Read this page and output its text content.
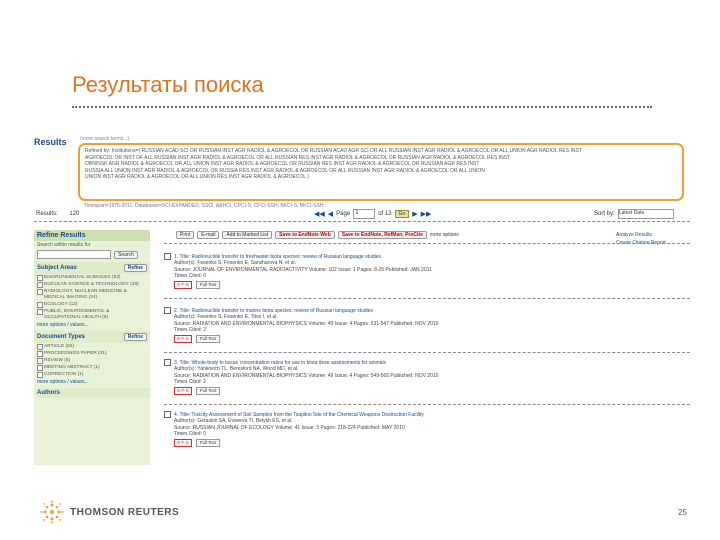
Результаты поиска
Results	(more search terms...)
Refined by: Institutions=( RUSSIAN ACAD SCI OR RUSSIAN INST AGR RADIOL & AGROECOL OR RUSSIAN ACAD AGR SCI OR ALL RUSSIAN INST AGR RADIOL & AGROECOL OR ALL UNION AGR RADIOL RES INST
AGROECOL OR INST OF ALL RUSSIAN INST AGR RADIOL & AGROECOL OR ALL RUSSIAN RES INST AGR RADIOL & AGROECOL OR RUSSIAN AGR RADIOL & AGROECOL RES INST
OBNINSK AGR RADIOL & AGROECOL OR ALL UNION INST AGR RADIOL & AGROECOL OR RUSSIAN RES INST AGR RADIOL & AGROECOL OR RUSSIAN AGR RES INST
RUSSIA ALL UNION INST AGR RADIOL & AGROECOL OR RUSSIA RES INST AGR RADIOL & AGROECOL OR ALL RUSSIAN INST AGR RADIOL & AGROECOL OR ALL UNION
UNION INST AGR RADIOL & AGROECOL OR ALL UNION RES INST AGR RADIOL & AGROECOL )
Timespan=1975-2011. Databases=SCI-EXPANDED, SSCI, A&HCI, CPCI-S, CPCI-SSH, BKCI-S, BKCI-SSH.
Results: 120	◀◀ ◀ Page 1	of 13	Go	▶ ▶▶	Sort by: Latest Date
Refine Results
Search within results for
Search
Subject Areas	Refine
ENVIRONMENTAL SCIENCES (53)
NUCLEAR SCIENCE & TECHNOLOGY (28)
RADIOLOGY, NUCLEAR MEDICINE & MEDICAL IMAGING (24)
ECOLOGY (12)
PUBLIC, ENVIRONMENTAL & OCCUPATIONAL HEALTH (8)
more options / values...
Document Types	Refine
ARTICLE (82)
PROCEEDINGS PAPER (31)
REVIEW (6)
MEETING ABSTRACT (1)
CORRECTION (1)
more options / values...
Authors
Print	E-mail	Add to Marked List	Save to EndNote Web	Save to EndNote, RefMan, ProCite	more options	Analyze Results
Create Citation Report
1. Title: Radionuclide transfer to freshwater biota species: review of Russian language studies
Author(s): Fesenko S, Fesenko E, Sanzharova N, et al.
Source: JOURNAL OF ENVIRONMENTAL RADIOACTIVITY Volume: 102 Issue: 1 Pages: 8-25 Published: JAN 2011
Times Cited: 0
S·F·X	Full Text
2. Title: Radionuclide transfer to marine biota species: review of Russian language studies
Author(s): Fesenko S, Fesenko E, Titov I, et al.
Source: RADIATION AND ENVIRONMENTAL BIOPHYSICS Volume: 49 Issue: 4 Pages: 531-547 Published: NOV 2010
Times Cited: 2
S·F·X	Full Text
3. Title: Whole-body to tissue concentration ratios for use in biota dose assessments for animals
Author(s): Yankovich TL, Beresford NA, Wood MD, et al.
Source: RADIATION AND ENVIRONMENTAL BIOPHYSICS Volume: 49 Issue: 4 Pages: 549-565 Published: NOV 2010
Times Cited: 2
S·F·X	Full Text
4. Title: Toxicity Assessment of Soil Samples from the Tsaplino Site of the Chemical Weapons Destruction Facility
Author(s): Geraskin SA, Evseeva TI, Belykh ES, et al.
Source: RUSSIAN JOURNAL OF ECOLOGY Volume: 41 Issue: 3 Pages: 218-224 Published: MAY 2010
Times Cited: 0
S·F·X	Full Text
THOMSON REUTERS	25
